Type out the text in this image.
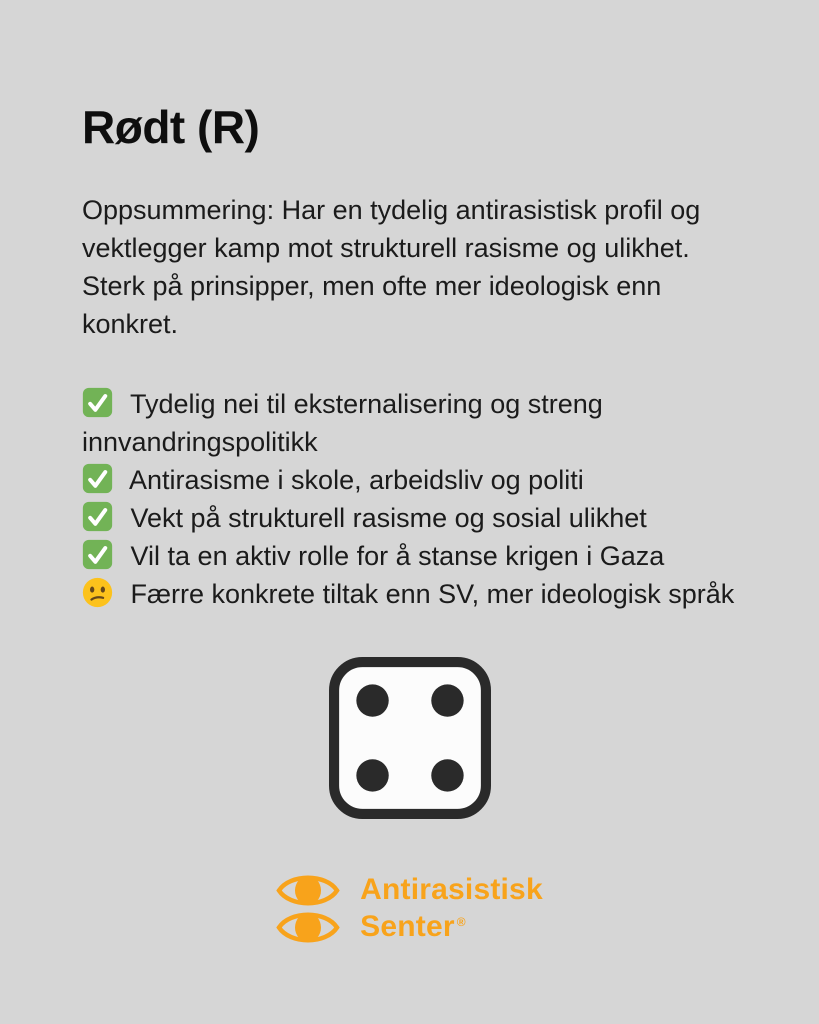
Rødt (R)

Oppsummering: Har en tydelig antirasistisk profil og vektlegger kamp mot strukturell rasisme og ulikhet. Sterk på prinsipper, men ofte mer ideologisk enn konkret.

Tydelig nei til eksternalisering og streng innvandringspolitikk
Antirasisme i skole, arbeidsliv og politi
Vekt på strukturell rasisme og sosial ulikhet
Vil ta en aktiv rolle for å stanse krigen i Gaza
Færre konkrete tiltak enn SV, mer ideologisk språk
Antirasistisk
Senter ®
